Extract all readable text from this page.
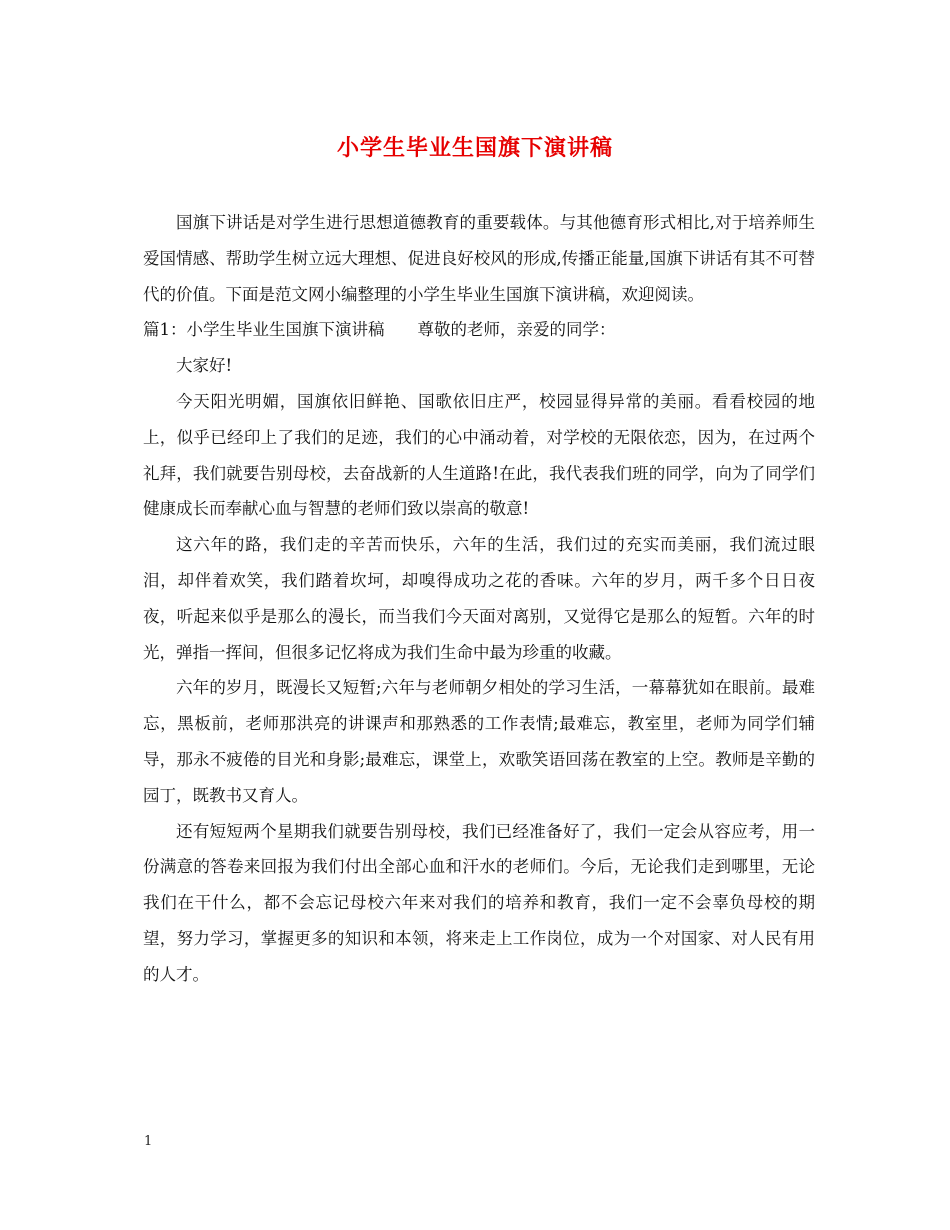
小学生毕业生国旗下演讲稿

国旗下讲话是对学生进行思想道德教育的重要载体。与其他德育形式相比,对于培养师生爱国情感、帮助学生树立远大理想、促进良好校风的形成,传播正能量,国旗下讲话有其不可替代的价值。下面是范文网小编整理的小学生毕业生国旗下演讲稿，欢迎阅读。

篇1：小学生毕业生国旗下演讲稿　　尊敬的老师，亲爱的同学：

大家好!

今天阳光明媚，国旗依旧鲜艳、国歌依旧庄严，校园显得异常的美丽。看看校园的地上，似乎已经印上了我们的足迹，我们的心中涌动着，对学校的无限依恋，因为，在过两个礼拜，我们就要告别母校，去奋战新的人生道路!在此，我代表我们班的同学，向为了同学们健康成长而奉献心血与智慧的老师们致以崇高的敬意!

这六年的路，我们走的辛苦而快乐，六年的生活，我们过的充实而美丽，我们流过眼泪，却伴着欢笑，我们踏着坎坷，却嗅得成功之花的香味。六年的岁月，两千多个日日夜夜，听起来似乎是那么的漫长，而当我们今天面对离别，又觉得它是那么的短暂。六年的时光，弹指一挥间，但很多记忆将成为我们生命中最为珍重的收藏。

六年的岁月，既漫长又短暂;六年与老师朝夕相处的学习生活，一幕幕犹如在眼前。最难忘，黑板前，老师那洪亮的讲课声和那熟悉的工作表情;最难忘，教室里，老师为同学们辅导，那永不疲倦的目光和身影;最难忘，课堂上，欢歌笑语回荡在教室的上空。教师是辛勤的园丁，既教书又育人。

还有短短两个星期我们就要告别母校，我们已经准备好了，我们一定会从容应考，用一份满意的答卷来回报为我们付出全部心血和汗水的老师们。今后，无论我们走到哪里，无论我们在干什么，都不会忘记母校六年来对我们的培养和教育，我们一定不会辜负母校的期望，努力学习，掌握更多的知识和本领，将来走上工作岗位，成为一个对国家、对人民有用的人才。

1
